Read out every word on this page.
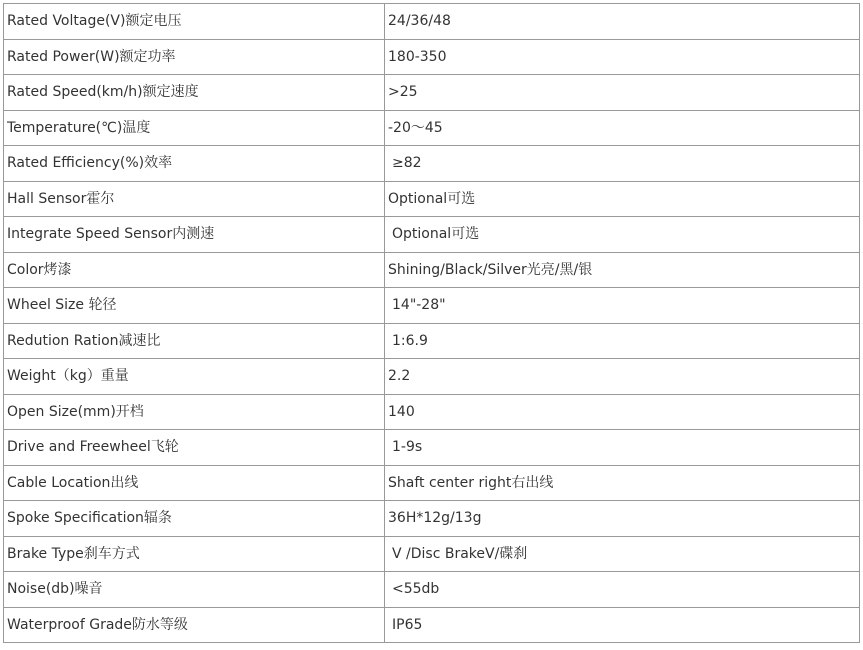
Rated Voltage(V)额定电压	24/36/48
Rated Power(W)额定功率	180-350
Rated Speed(km/h)额定速度	>25
Temperature(℃)温度	-20～45
Rated Efficiency(%)效率	≥82
Hall Sensor霍尔	Optional可选
Integrate Speed Sensor内测速	Optional可选
Color烤漆	Shining/Black/Silver光亮/黑/银
Wheel Size 轮径	14"-28"
Redution Ration减速比	1:6.9
Weight（kg）重量	2.2
Open Size(mm)开档	140
Drive and Freewheel飞轮	1-9s
Cable Location出线	Shaft center right右出线
Spoke Specification辐条	36H*12g/13g
Brake Type刹车方式	V /Disc BrakeV/碟刹
Noise(db)噪音	<55db
Waterproof Grade防水等级	IP65
